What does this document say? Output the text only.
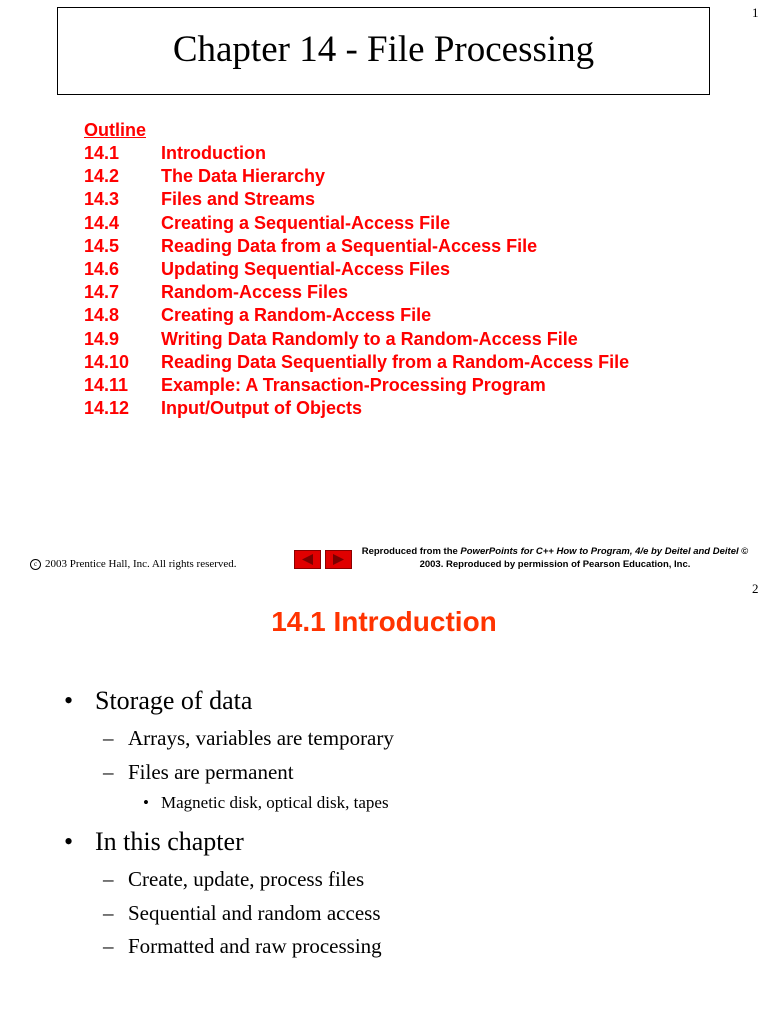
1
Chapter 14 - File Processing
Outline
14.1	Introduction
14.2	The Data Hierarchy
14.3	Files and Streams
14.4	Creating a Sequential-Access File
14.5	Reading Data from a Sequential-Access File
14.6	Updating Sequential-Access Files
14.7	Random-Access Files
14.8	Creating a Random-Access File
14.9	Writing Data Randomly to a Random-Access File
14.10	Reading Data Sequentially from a Random-Access File
14.11	Example: A Transaction-Processing Program
14.12	Input/Output of Objects
c 2003 Prentice Hall, Inc. All rights reserved.
Reproduced from the PowerPoints for C++ How to Program, 4/e by Deitel and Deitel © 2003. Reproduced by permission of Pearson Education, Inc.
2
14.1 Introduction
• Storage of data
– Arrays, variables are temporary
– Files are permanent
• Magnetic disk, optical disk, tapes
• In this chapter
– Create, update, process files
– Sequential and random access
– Formatted and raw processing
